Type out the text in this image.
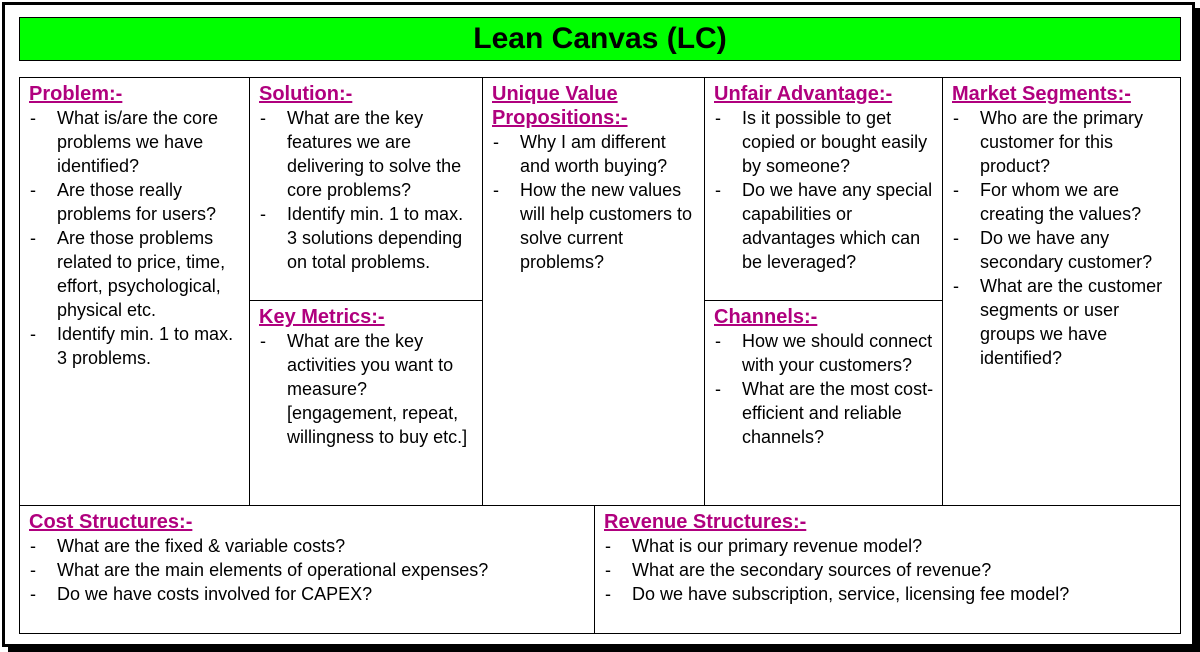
Lean Canvas (LC)
Problem:-
- What is/are the core problems we have identified?
- Are those really problems for users?
- Are those problems related to price, time, effort, psychological, physical etc.
- Identify min. 1 to max. 3 problems.
Solution:-
- What are the key features we are delivering to solve the core problems?
- Identify min. 1 to max. 3 solutions depending on total problems.
Key Metrics:-
- What are the key activities you want to measure? [engagement, repeat, willingness to buy etc.]
Unique Value Propositions:-
- Why I am different and worth buying?
- How the new values will help customers to solve current problems?
Unfair Advantage:-
- Is it possible to get copied or bought easily by someone?
- Do we have any special capabilities or advantages which can be leveraged?
Channels:-
- How we should connect with your customers?
- What are the most cost-efficient and reliable channels?
Market Segments:-
- Who are the primary customer for this product?
- For whom we are creating the values?
- Do we have any secondary customer?
- What are the customer segments or user groups we have identified?
Cost Structures:-
- What are the fixed & variable costs?
- What are the main elements of operational expenses?
- Do we have costs involved for CAPEX?
Revenue Structures:-
- What is our primary revenue model?
- What are the secondary sources of revenue?
- Do we have subscription, service, licensing fee model?
